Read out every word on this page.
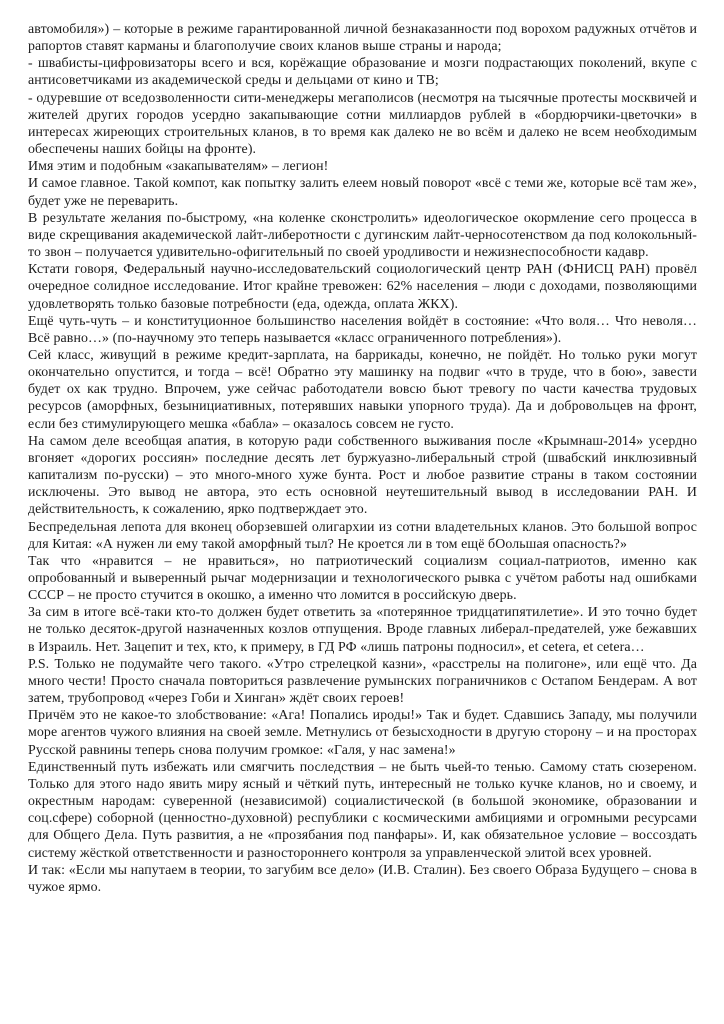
автомобиля») – которые в режиме гарантированной личной безнаказанности под ворохом радужных отчётов и рапортов ставят карманы и благополучие своих кланов выше страны и народа;

- швабисты-цифровизаторы всего и вся, корёжащие образование и мозги подрастающих поколений, вкупе с антисоветчиками из академической среды и дельцами от кино и ТВ;

- одуревшие от вседозволенности сити-менеджеры мегаполисов (несмотря на тысячные протесты москвичей и жителей других городов усердно закапывающие сотни миллиардов рублей в «бордюрчики-цветочки» в интересах жиреющих строительных кланов, в то время как далеко не во всём и далеко не всем необходимым обеспечены наших бойцы на фронте).

Имя этим и подобным «закапывателям» – легион!

И самое главное. Такой компот, как попытку залить елеем новый поворот «всё с теми же, которые всё там же», будет уже не переварить.

В результате желания по-быстрому, «на коленке сконстролить» идеологическое окормление сего процесса в виде скрещивания академической лайт-либеротности с дугинским лайт-черносотенством да под колокольный-то звон – получается удивительно-офигительный по своей уродливости и нежизнеспособности кадавр.

Кстати говоря, Федеральный научно-исследовательский социологический центр РАН (ФНИСЦ РАН) провёл очередное солидное исследование. Итог крайне тревожен: 62% населения – люди с доходами, позволяющими удовлетворять только базовые потребности (еда, одежда, оплата ЖКХ).

Ещё чуть-чуть – и конституционное большинство населения войдёт в состояние: «Что воля… Что неволя… Всё равно…» (по-научному это теперь называется «класс ограниченного потребления»).

Сей класс, живущий в режиме кредит-зарплата, на баррикады, конечно, не пойдёт. Но только руки могут окончательно опустится, и тогда – всё! Обратно эту машинку на подвиг «что в труде, что в бою», завести будет ох как трудно. Впрочем, уже сейчас работодатели вовсю бьют тревогу по части качества трудовых ресурсов (аморфных, безынициативных, потерявших навыки упорного труда). Да и добровольцев на фронт, если без стимулирующего мешка «бабла» – оказалось совсем не густо.

На самом деле всеобщая апатия, в которую ради собственного выживания после «Крымнаш-2014» усердно вгоняет «дорогих россиян» последние десять лет буржуазно-либеральный строй (швабский инклюзивный капитализм по-русски) – это много-много хуже бунта. Рост и любое развитие страны в таком состоянии исключены. Это вывод не автора, это есть основной неутешительный вывод в исследовании РАН. И действительность, к сожалению, ярко подтверждает это.

Беспредельная лепота для вконец оборзевшей олигархии из сотни владетельных кланов. Это большой вопрос для Китая: «А нужен ли ему такой аморфный тыл? Не кроется ли в том ещё бОольшая опасность?»

Так что «нравится – не нравиться», но патриотический социализм социал-патриотов, именно как опробованный и выверенный рычаг модернизации и технологического рывка с учётом работы над ошибками СССР – не просто стучится в окошко, а именно что ломится в российскую дверь.

За сим в итоге всё-таки кто-то должен будет ответить за «потерянное тридцатипятилетие». И это точно будет не только десяток-другой назначенных козлов отпущения. Вроде главных либерал-предателей, уже бежавших в Израиль. Нет. Зацепит и тех, кто, к примеру, в ГД РФ «лишь патроны подносил», et cetera, et cetera…

P.S. Только не подумайте чего такого. «Утро стрелецкой казни», «расстрелы на полигоне», или ещё что. Да много чести! Просто сначала повториться развлечение румынских пограничников с Остапом Бендерам. А вот затем, трубопровод «через Гоби и Хинган» ждёт своих героев!

Причём это не какое-то злобствование: «Ага! Попались ироды!» Так и будет. Сдавшись Западу, мы получили море агентов чужого влияния на своей земле. Метнулись от безысходности в другую сторону – и на просторах Русской равнины теперь снова получим громкое: «Галя, у нас замена!»

Единственный путь избежать или смягчить последствия – не быть чьей-то тенью. Самому стать сюзереном. Только для этого надо явить миру ясный и чёткий путь, интересный не только кучке кланов, но и своему, и окрестным народам: суверенной (независимой) социалистической (в большой экономике, образовании и соц.сфере) соборной (ценностно-духовной) республики с космическими амбициями и огромными ресурсами для Общего Дела. Путь развития, а не «прозябания под панфары». И, как обязательное условие – воссоздать систему жёсткой ответственности и разностороннего контроля за управленческой элитой всех уровней.

И так: «Если мы напутаем в теории, то загубим все дело» (И.В. Сталин). Без своего Образа Будущего – снова в чужое ярмо.
